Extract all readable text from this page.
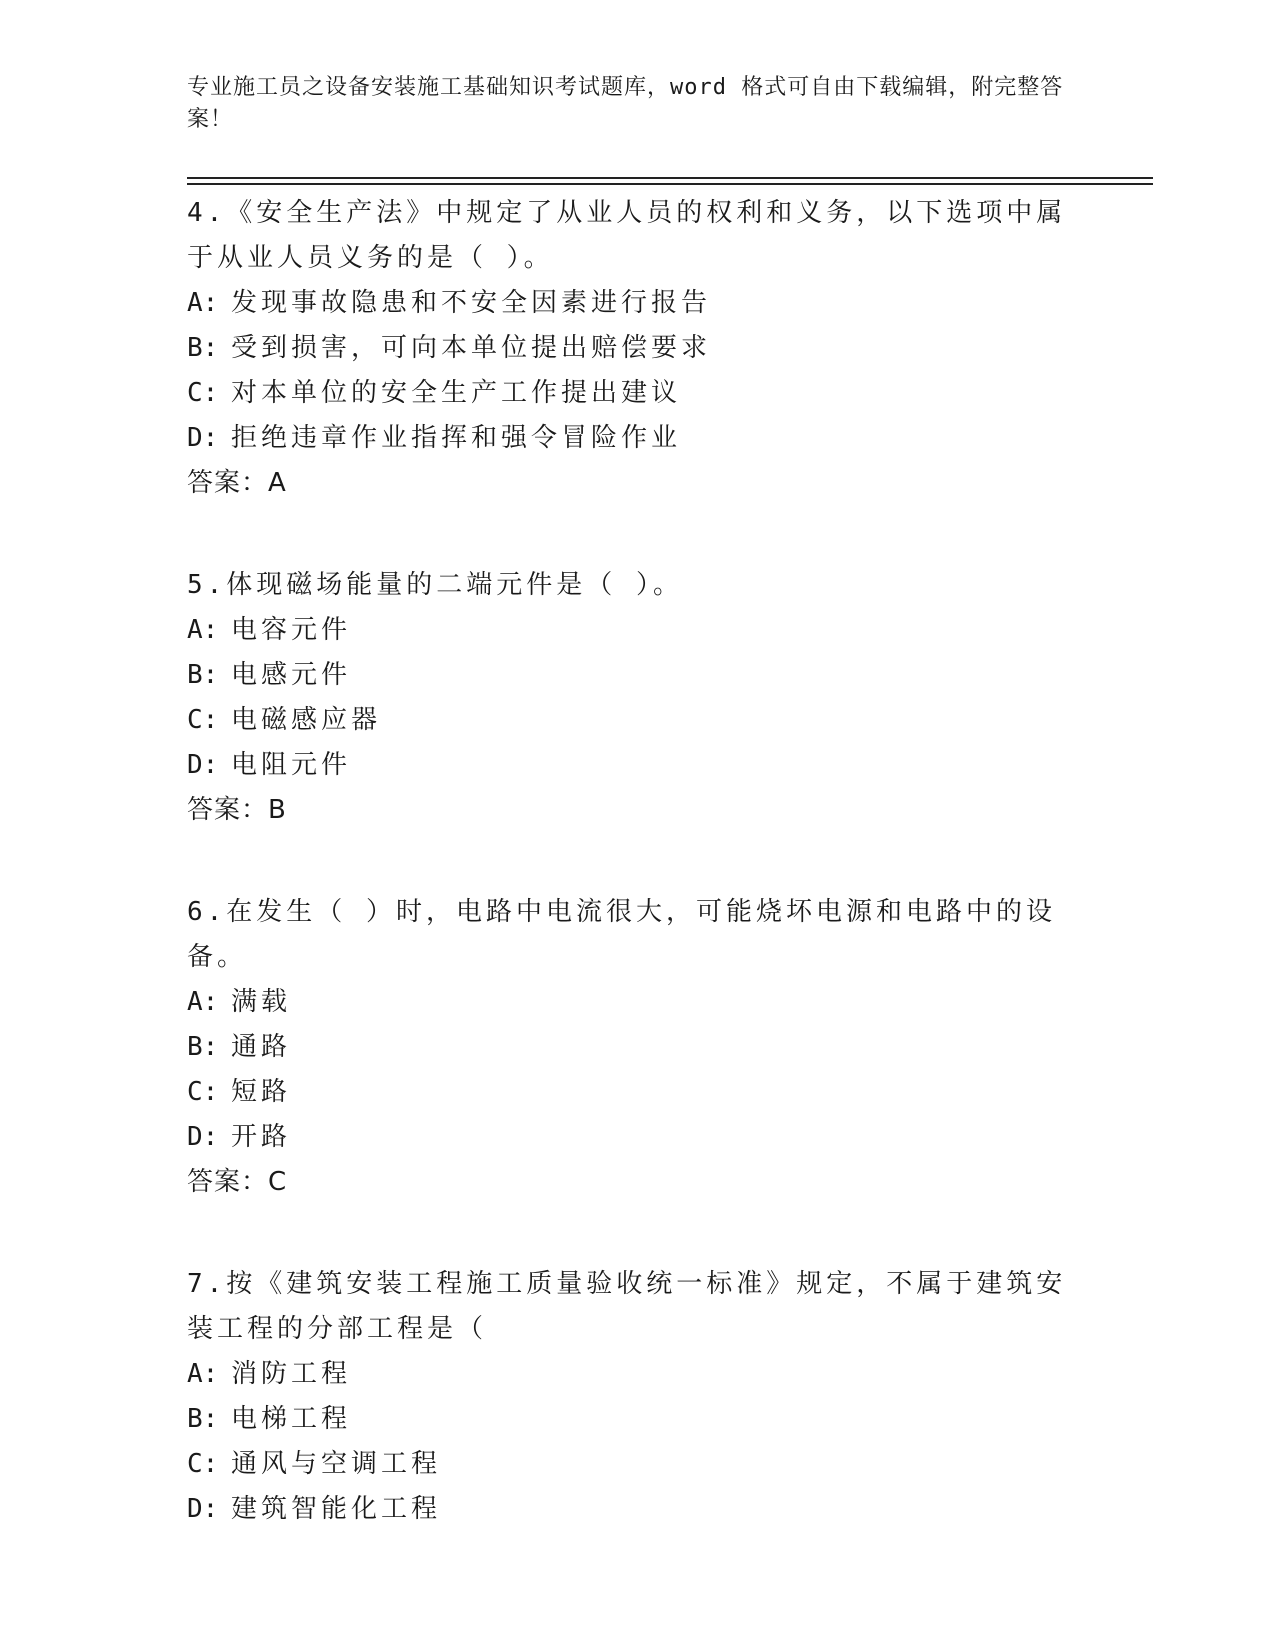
专业施工员之设备安装施工基础知识考试题库，word 格式可自由下载编辑，附完整答案！
4.《安全生产法》中规定了从业人员的权利和义务，以下选项中属于从业人员义务的是（ ）。
A: 发现事故隐患和不安全因素进行报告
B: 受到损害，可向本单位提出赔偿要求
C: 对本单位的安全生产工作提出建议
D: 拒绝违章作业指挥和强令冒险作业
答案：A
5.体现磁场能量的二端元件是（ ）。
A: 电容元件
B: 电感元件
C: 电磁感应器
D: 电阻元件
答案：B
6.在发生（ ）时，电路中电流很大，可能烧坏电源和电路中的设备。
A: 满载
B: 通路
C: 短路
D: 开路
答案：C
7.按《建筑安装工程施工质量验收统一标准》规定，不属于建筑安装工程的分部工程是（
A: 消防工程
B: 电梯工程
C: 通风与空调工程
D: 建筑智能化工程
